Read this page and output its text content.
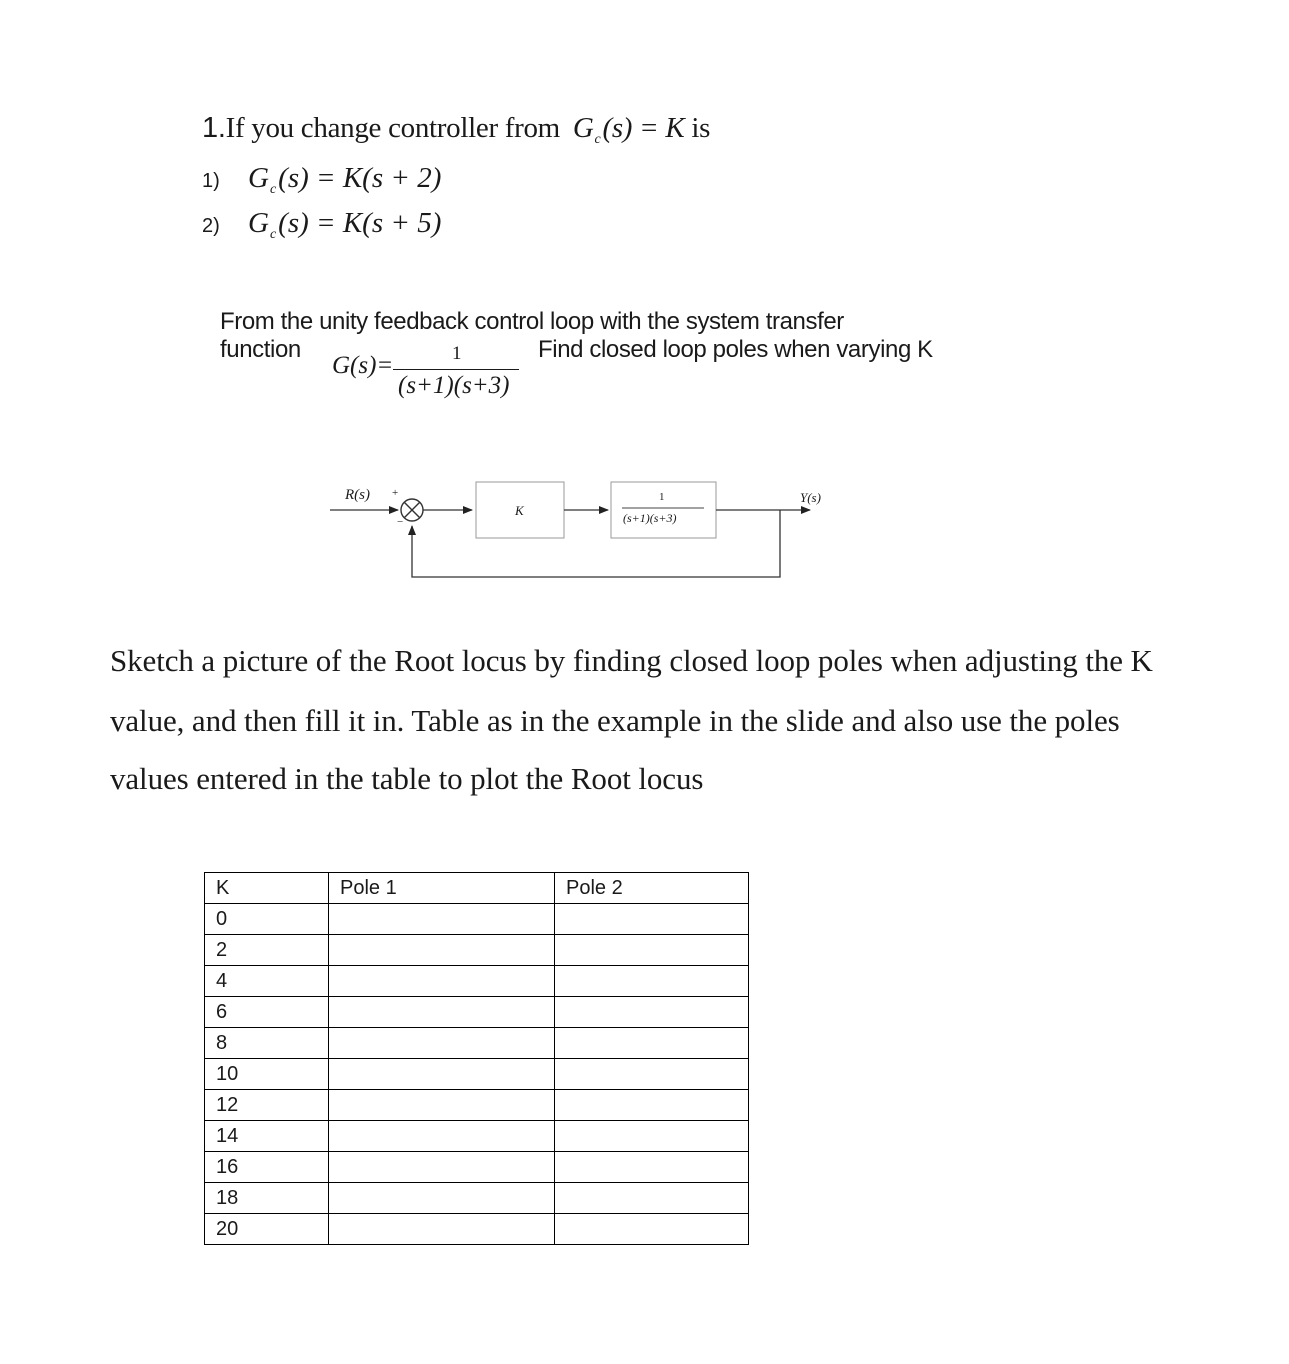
1.If you change controller from $G_c(s) = K$ is
1) $G_c(s) = K(s + 2)$
2) $G_c(s) = K(s + 5)$
From the unity feedback control loop with the system transfer
function	Find closed loop poles when varying K
G(s)=	1
(s+1)(s+3)
R(s) +
−
K
1
(s+1)(s+3)
Y(s)
Sketch a picture of the Root locus by finding closed loop poles when adjusting the K
value, and then fill it in. Table as in the example in the slide and also use the poles
values entered in the table to plot the Root locus
K	Pole 1	Pole 2
0		
2		
4		
6		
8		
10		
12		
14		
16		
18		
20		
